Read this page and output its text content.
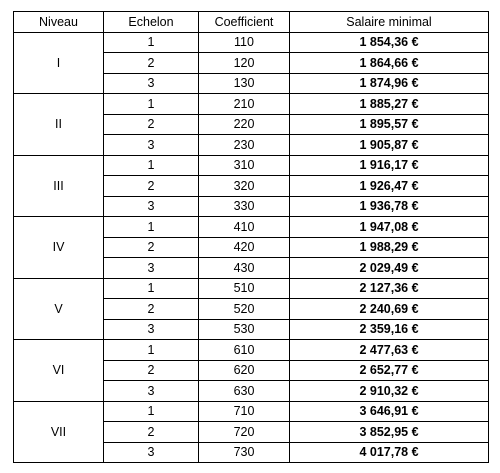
Niveau	Echelon	Coefficient	Salaire minimal
I	1	110	1 854,36 €
	2	120	1 864,66 €
	3	130	1 874,96 €
II	1	210	1 885,27 €
	2	220	1 895,57 €
	3	230	1 905,87 €
III	1	310	1 916,17 €
	2	320	1 926,47 €
	3	330	1 936,78 €
IV	1	410	1 947,08 €
	2	420	1 988,29 €
	3	430	2 029,49 €
V	1	510	2 127,36 €
	2	520	2 240,69 €
	3	530	2 359,16 €
VI	1	610	2 477,63 €
	2	620	2 652,77 €
	3	630	2 910,32 €
VII	1	710	3 646,91 €
	2	720	3 852,95 €
	3	730	4 017,78 €
